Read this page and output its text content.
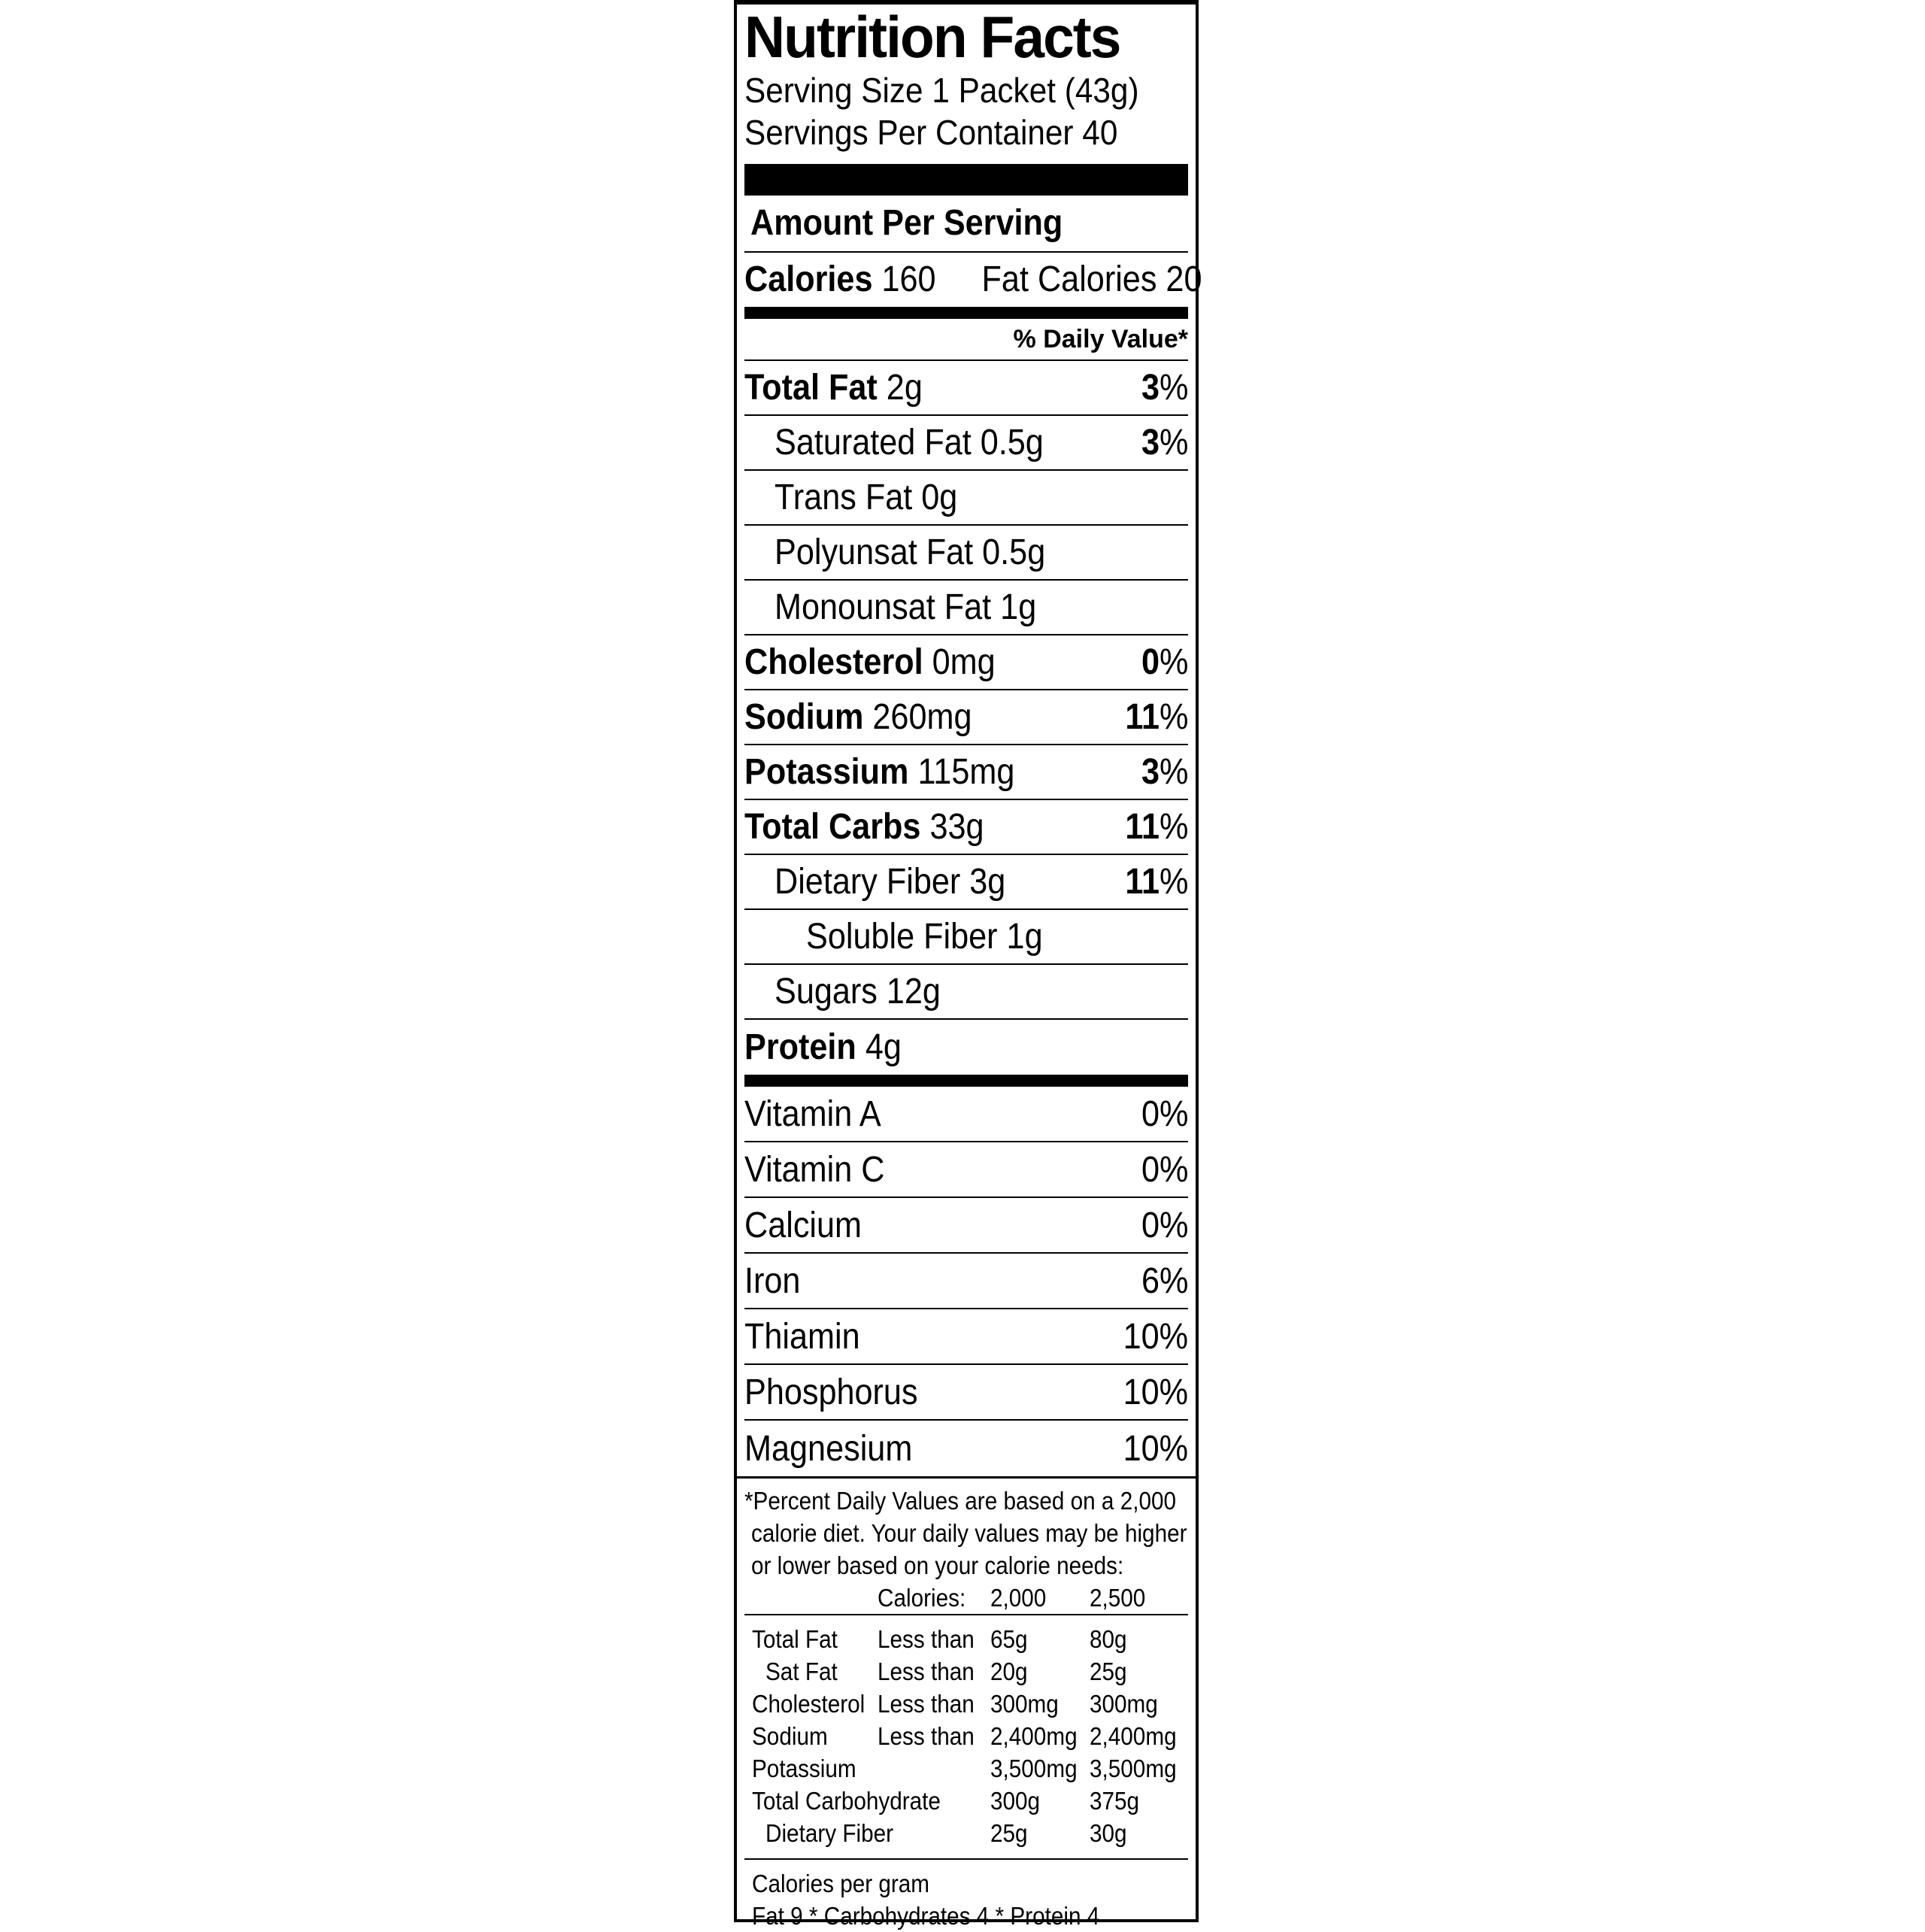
Nutrition Facts
Serving Size 1 Packet (43g)
Servings Per Container 40
Amount Per Serving
Calories 160 Fat Calories 20
% Daily Value*
Total Fat 2g	3%
Saturated Fat 0.5g	3%
Trans Fat 0g
Polyunsat Fat 0.5g
Monounsat Fat 1g
Cholesterol 0mg	0%
Sodium 260mg	11%
Potassium 115mg	3%
Total Carbs 33g	11%
Dietary Fiber 3g	11%
Soluble Fiber 1g
Sugars 12g
Protein 4g
Vitamin A	0%
Vitamin C	0%
Calcium	0%
Iron	6%
Thiamin	10%
Phosphorus	10%
Magnesium	10%
*Percent Daily Values are based on a 2,000
calorie diet. Your daily values may be higher
or lower based on your calorie needs:
	Calories:	2,000	2,500

Total Fat	Less than	65g	80g
Sat Fat	Less than	20g	25g
Cholesterol	Less than	300mg	300mg
Sodium	Less than	2,400mg	2,400mg
Potassium		3,500mg	3,500mg
Total Carbohydrate		300g	375g
Dietary Fiber		25g	30g
Calories per gram
Fat 9 * Carbohydrates 4 * Protein 4
